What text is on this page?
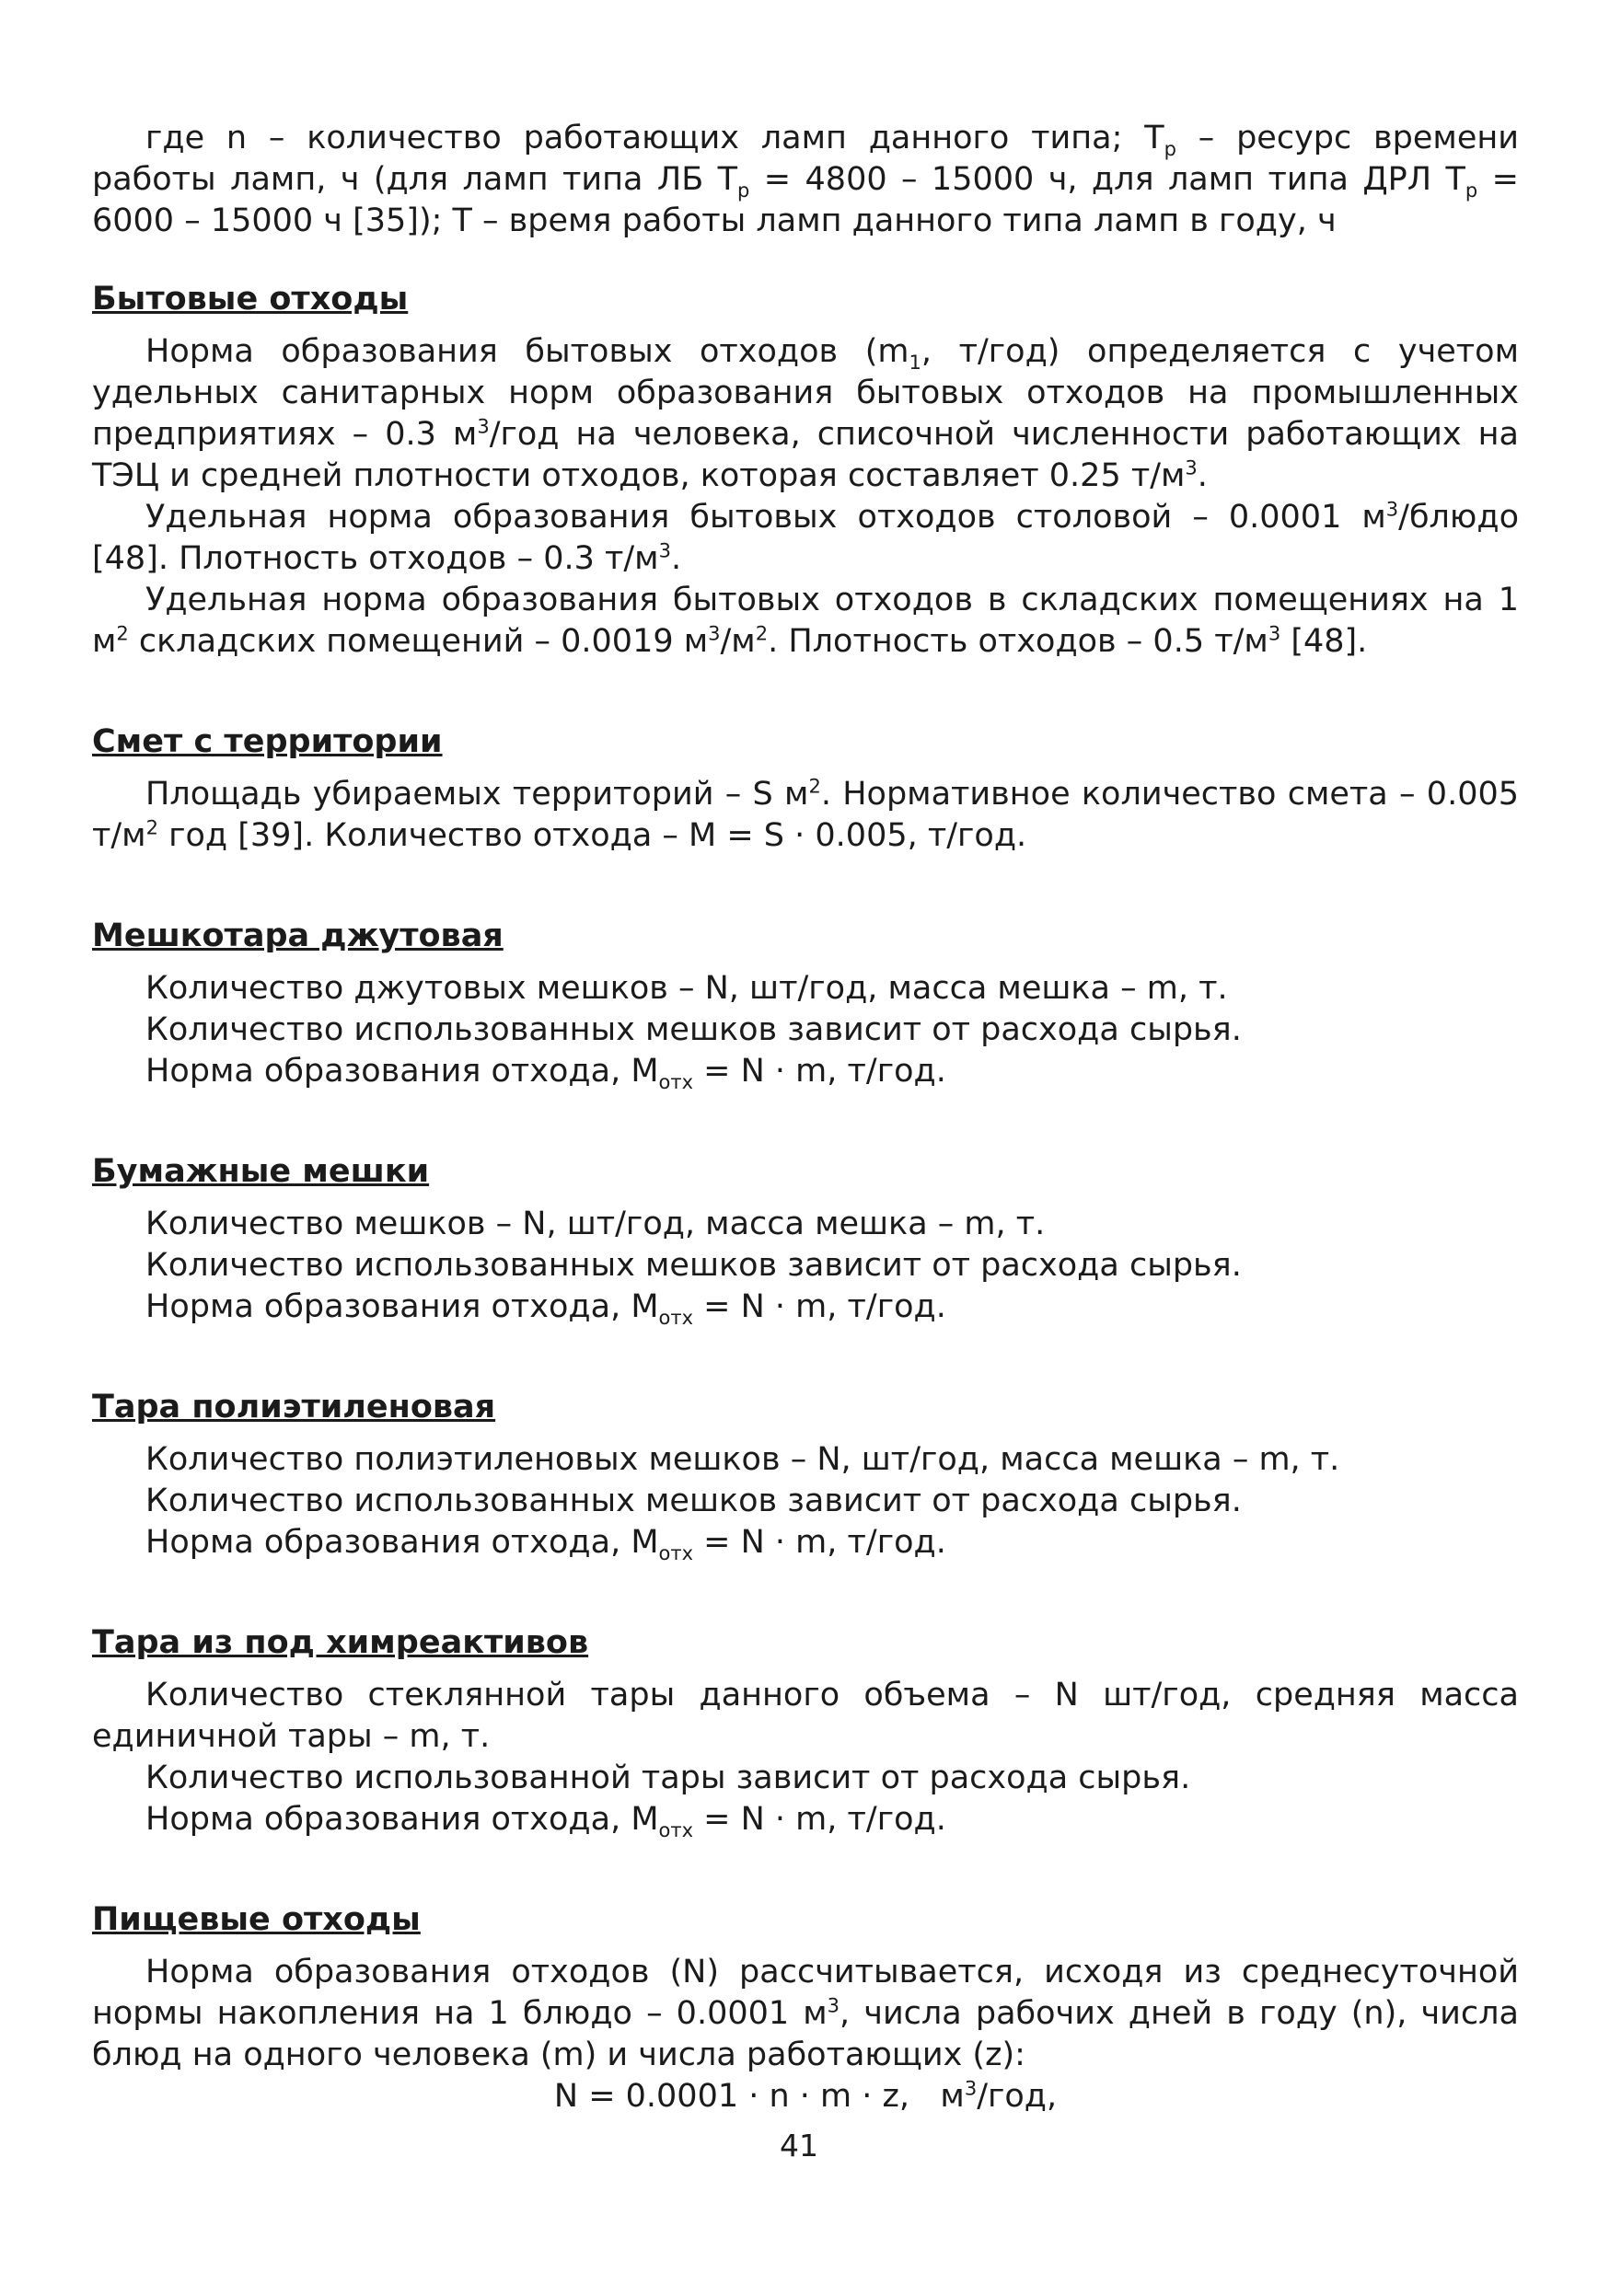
где n – количество работающих ламп данного типа; $T_р$ – ресурс времени работы ламп, ч (для ламп типа ЛБ $T_р = 4800 - 15000$ ч, для ламп типа ДРЛ $T_р = 6000 - 15000$ ч [35]); T – время работы ламп данного типа ламп в году, ч

Бытовые отходы

Норма образования бытовых отходов ($m_1$, т/год) определяется с учетом удельных санитарных норм образования бытовых отходов на промышленных предприятиях – 0.3 $м^3$/год на человека, списочной численности работающих на ТЭЦ и средней плотности отходов, которая составляет 0.25 $т/м^3$.

Удельная норма образования бытовых отходов столовой – 0.0001 $м^3$/блюдо [48]. Плотность отходов – 0.3 $т/м^3$.

Удельная норма образования бытовых отходов в складских помещениях на 1 $м^2$ складских помещений – 0.0019 $м^3/м^2$. Плотность отходов – 0.5 $т/м^3$ [48].

Смет с территории

Площадь убираемых территорий – S $м^2$. Нормативное количество смета – 0.005 $т/м^2$ год [39]. Количество отхода – M = S · 0.005, т/год.

Мешкотара джутовая

Количество джутовых мешков – N, шт/год, масса мешка – m, т.

Количество использованных мешков зависит от расхода сырья.

Норма образования отхода, $M_{отх} = N \cdot m$, т/год.

Бумажные мешки

Количество мешков – N, шт/год, масса мешка – m, т.

Количество использованных мешков зависит от расхода сырья.

Норма образования отхода, $M_{отх} = N \cdot m$, т/год.

Тара полиэтиленовая

Количество полиэтиленовых мешков – N, шт/год, масса мешка – m, т.

Количество использованных мешков зависит от расхода сырья.

Норма образования отхода, $M_{отх} = N \cdot m$, т/год.

Тара из под химреактивов

Количество стеклянной тары данного объема – N шт/год, средняя масса единичной тары – m, т.

Количество использованной тары зависит от расхода сырья.

Норма образования отхода, $M_{отх} = N \cdot m$, т/год.

Пищевые отходы

Норма образования отходов (N) рассчитывается, исходя из среднесуточной нормы накопления на 1 блюдо – 0.0001 $м^3$, числа рабочих дней в году (n), числа блюд на одного человека (m) и числа работающих (z):

N = 0.0001 · n · m · z,   $м^3$/год,

41
